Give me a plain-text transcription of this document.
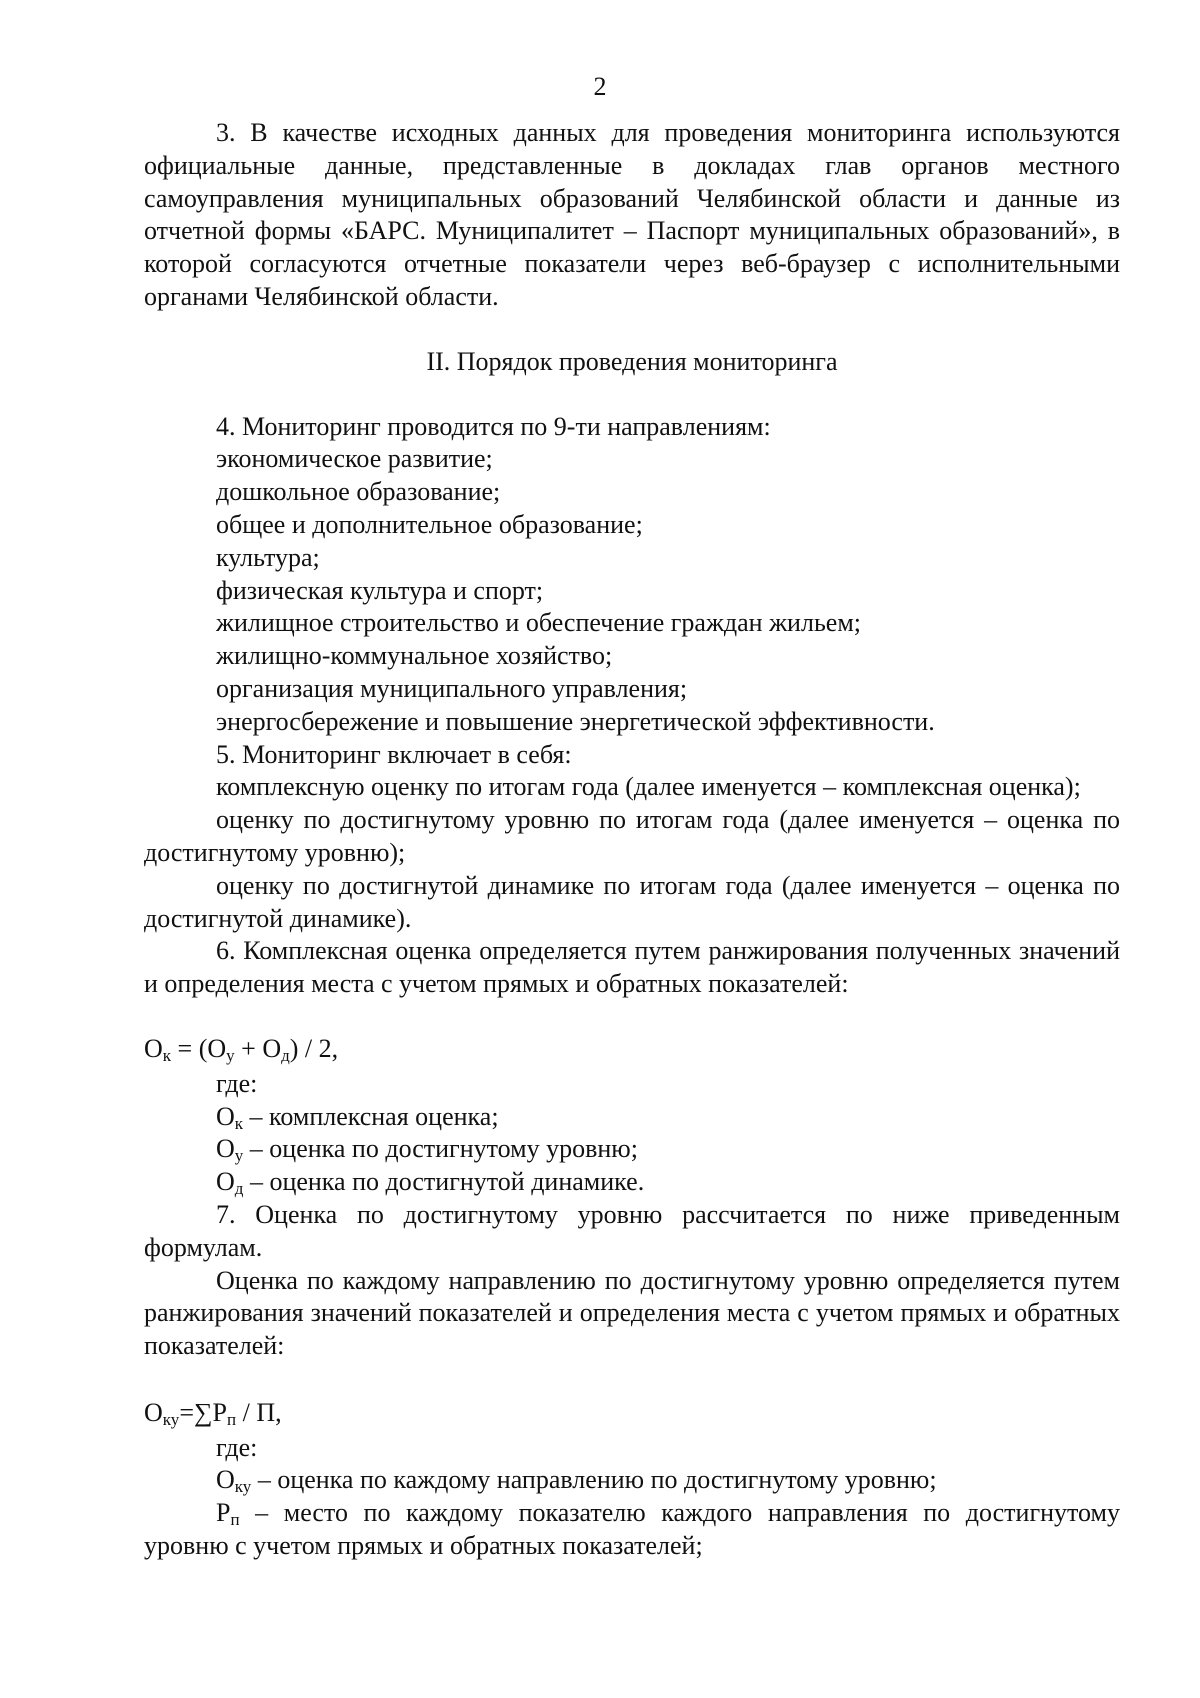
2

3. В качестве исходных данных для проведения мониторинга используются официальные данные, представленные в докладах глав органов местного самоуправления муниципальных образований Челябинской области и данные из отчетной формы «БАРС. Муниципалитет – Паспорт муниципальных образований», в которой согласуются отчетные показатели через веб-браузер с исполнительными органами Челябинской области.

II. Порядок проведения мониторинга

4. Мониторинг проводится по 9-ти направлениям:

экономическое развитие;

дошкольное образование;

общее и дополнительное образование;

культура;

физическая культура и спорт;

жилищное строительство и обеспечение граждан жильем;

жилищно-коммунальное хозяйство;

организация муниципального управления;

энергосбережение и повышение энергетической эффективности.

5. Мониторинг включает в себя:

комплексную оценку по итогам года (далее именуется – комплексная оценка);

оценку по достигнутому уровню по итогам года (далее именуется – оценка по достигнутому уровню);

оценку по достигнутой динамике по итогам года (далее именуется – оценка по достигнутой динамике).

6. Комплексная оценка определяется путем ранжирования полученных значений и определения места с учетом прямых и обратных показателей:

$О_к = (О_у + О_д) / 2$,

где:

$О_к$ – комплексная оценка;

$О_у$ – оценка по достигнутому уровню;

$О_д$ – оценка по достигнутой динамике.

7. Оценка по достигнутому уровню рассчитается по ниже приведенным формулам.

Оценка по каждому направлению по достигнутому уровню определяется путем ранжирования значений показателей и определения места с учетом прямых и обратных показателей:

$О_{ку}=\sum Р_п / П$,

где:

$О_{ку}$ – оценка по каждому направлению по достигнутому уровню;

$Р_п$ – место по каждому показателю каждого направления по достигнутому уровню с учетом прямых и обратных показателей;
